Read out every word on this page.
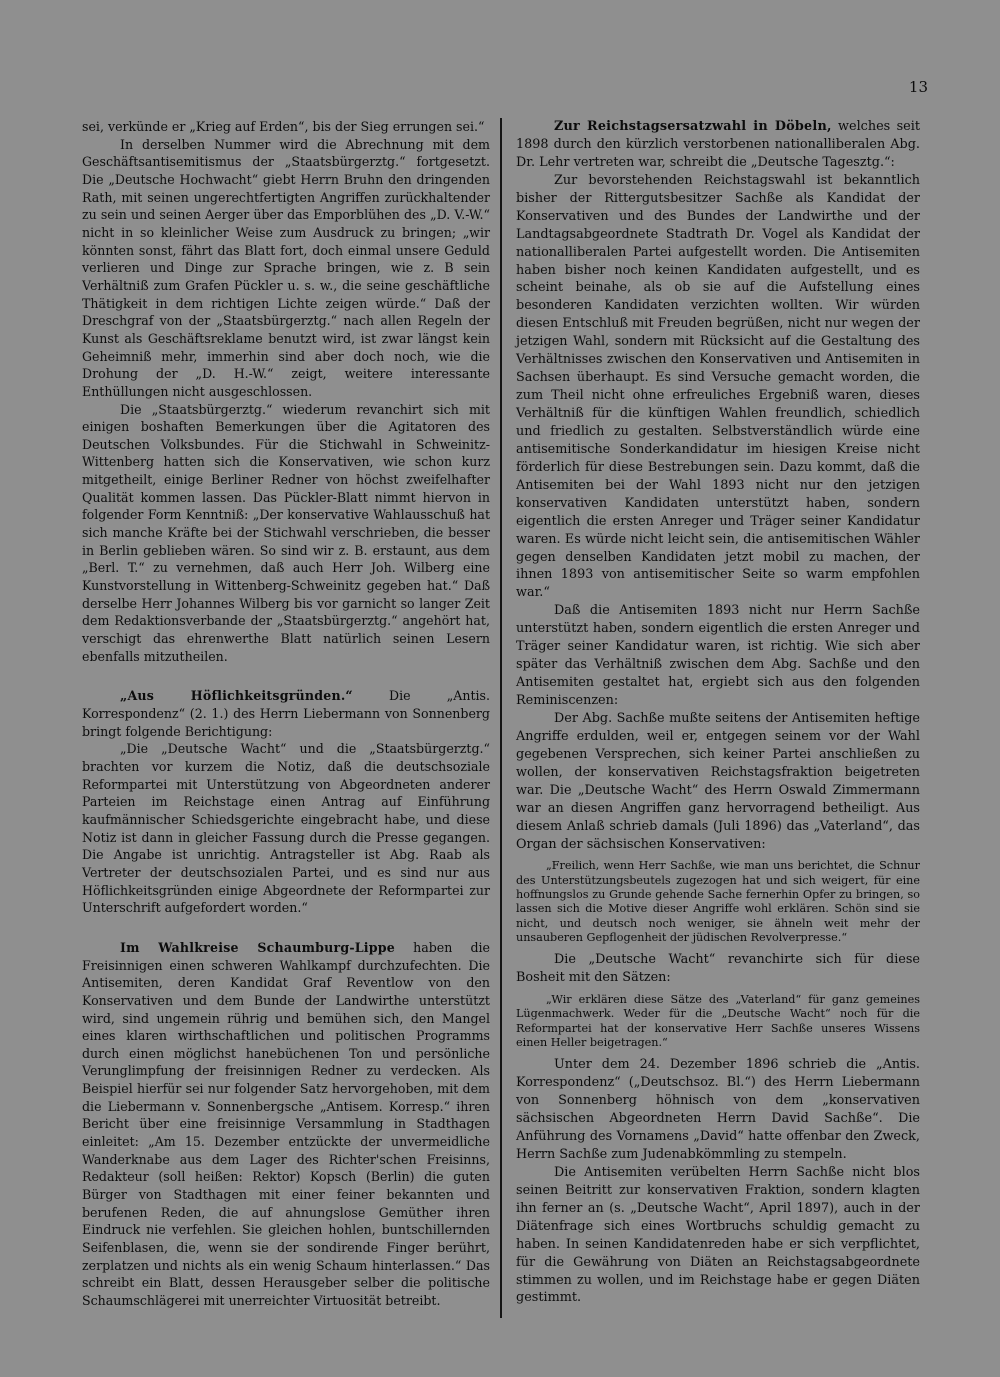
13

sei, verkünde er „Krieg auf Erden“, bis der Sieg errungen sei.“

In derselben Nummer wird die Abrechnung mit dem Geschäftsantisemitismus der „Staatsbürgerztg.“ fortgesetzt. Die „Deutsche Hochwacht“ giebt Herrn Bruhn den dringenden Rath, mit seinen ungerechtfertigten Angriffen zurückhaltender zu sein und seinen Aerger über das Emporblühen des „D. V.-W.“ nicht in so kleinlicher Weise zum Ausdruck zu bringen; „wir könnten sonst, fährt das Blatt fort, doch einmal unsere Geduld verlieren und Dinge zur Sprache bringen, wie z. B sein Verhältniß zum Grafen Pückler u. s. w., die seine geschäftliche Thätigkeit in dem richtigen Lichte zeigen würde.“ Daß der Dreschgraf von der „Staatsbürgerztg.“ nach allen Regeln der Kunst als Geschäftsreklame benutzt wird, ist zwar längst kein Geheimniß mehr, immerhin sind aber doch noch, wie die Drohung der „D. H.-W.“ zeigt, weitere interessante Enthüllungen nicht ausgeschlossen.

Die „Staatsbürgerztg.“ wiederum revanchirt sich mit einigen boshaften Bemerkungen über die Agitatoren des Deutschen Volksbundes. Für die Stichwahl in Schweinitz-Wittenberg hatten sich die Konservativen, wie schon kurz mitgetheilt, einige Berliner Redner von höchst zweifelhafter Qualität kommen lassen. Das Pückler-Blatt nimmt hiervon in folgender Form Kenntniß: „Der konservative Wahlausschuß hat sich manche Kräfte bei der Stichwahl verschrieben, die besser in Berlin geblieben wären. So sind wir z. B. erstaunt, aus dem „Berl. T.“ zu vernehmen, daß auch Herr Joh. Wilberg eine Kunstvorstellung in Wittenberg-Schweinitz gegeben hat.“ Daß derselbe Herr Johannes Wilberg bis vor garnicht so langer Zeit dem Redaktionsverbande der „Staatsbürgerztg.“ angehört hat, verschigt das ehrenwerthe Blatt natürlich seinen Lesern ebenfalls mitzutheilen.

„Aus Höflichkeitsgründen.“ Die „Antis. Korrespondenz“ (2. 1.) des Herrn Liebermann von Sonnenberg bringt folgende Berichtigung:

„Die „Deutsche Wacht“ und die „Staatsbürgerztg.“ brachten vor kurzem die Notiz, daß die deutschsoziale Reformpartei mit Unterstützung von Abgeordneten anderer Parteien im Reichstage einen Antrag auf Einführung kaufmännischer Schiedsgerichte eingebracht habe, und diese Notiz ist dann in gleicher Fassung durch die Presse gegangen. Die Angabe ist unrichtig. Antragsteller ist Abg. Raab als Vertreter der deutschsozialen Partei, und es sind nur aus Höflichkeitsgründen einige Abgeordnete der Reformpartei zur Unterschrift aufgefordert worden.“

Im Wahlkreise Schaumburg-Lippe haben die Freisinnigen einen schweren Wahlkampf durchzufechten. Die Antisemiten, deren Kandidat Graf Reventlow von den Konservativen und dem Bunde der Landwirthe unterstützt wird, sind ungemein rührig und bemühen sich, den Mangel eines klaren wirthschaftlichen und politischen Programms durch einen möglichst hanebüchenen Ton und persönliche Verunglimpfung der freisinnigen Redner zu verdecken. Als Beispiel hierfür sei nur folgender Satz hervorgehoben, mit dem die Liebermann v. Sonnenbergsche „Antisem. Korresp.“ ihren Bericht über eine freisinnige Versammlung in Stadthagen einleitet: „Am 15. Dezember entzückte der unvermeidliche Wanderknabe aus dem Lager des Richter'schen Freisinns, Redakteur (soll heißen: Rektor) Kopsch (Berlin) die guten Bürger von Stadthagen mit einer feiner bekannten und berufenen Reden, die auf ahnungslose Gemüther ihren Eindruck nie verfehlen. Sie gleichen hohlen, buntschillernden Seifenblasen, die, wenn sie der sondirende Finger berührt, zerplatzen und nichts als ein wenig Schaum hinterlassen.“ Das schreibt ein Blatt, dessen Herausgeber selber die politische Schaumschlägerei mit unerreichter Virtuosität betreibt.

Zur Reichstagsersatzwahl in Döbeln, welches seit 1898 durch den kürzlich verstorbenen nationalliberalen Abg. Dr. Lehr vertreten war, schreibt die „Deutsche Tagesztg.“:

Zur bevorstehenden Reichstagswahl ist bekanntlich bisher der Rittergutsbesitzer Sachße als Kandidat der Konservativen und des Bundes der Landwirthe und der Landtagsabgeordnete Stadtrath Dr. Vogel als Kandidat der nationalliberalen Partei aufgestellt worden. Die Antisemiten haben bisher noch keinen Kandidaten aufgestellt, und es scheint beinahe, als ob sie auf die Aufstellung eines besonderen Kandidaten verzichten wollten. Wir würden diesen Entschluß mit Freuden begrüßen, nicht nur wegen der jetzigen Wahl, sondern mit Rücksicht auf die Gestaltung des Verhältnisses zwischen den Konservativen und Antisemiten in Sachsen überhaupt. Es sind Versuche gemacht worden, die zum Theil nicht ohne erfreuliches Ergebniß waren, dieses Verhältniß für die künftigen Wahlen freundlich, schiedlich und friedlich zu gestalten. Selbstverständlich würde eine antisemitische Sonderkandidatur im hiesigen Kreise nicht förderlich für diese Bestrebungen sein. Dazu kommt, daß die Antisemiten bei der Wahl 1893 nicht nur den jetzigen konservativen Kandidaten unterstützt haben, sondern eigentlich die ersten Anreger und Träger seiner Kandidatur waren. Es würde nicht leicht sein, die antisemitischen Wähler gegen denselben Kandidaten jetzt mobil zu machen, der ihnen 1893 von antisemitischer Seite so warm empfohlen war.“

Daß die Antisemiten 1893 nicht nur Herrn Sachße unterstützt haben, sondern eigentlich die ersten Anreger und Träger seiner Kandidatur waren, ist richtig. Wie sich aber später das Verhältniß zwischen dem Abg. Sachße und den Antisemiten gestaltet hat, ergiebt sich aus den folgenden Reminiscenzen:

Der Abg. Sachße mußte seitens der Antisemiten heftige Angriffe erdulden, weil er, entgegen seinem vor der Wahl gegebenen Versprechen, sich keiner Partei anschließen zu wollen, der konservativen Reichstagsfraktion beigetreten war. Die „Deutsche Wacht“ des Herrn Oswald Zimmermann war an diesen Angriffen ganz hervorragend betheiligt. Aus diesem Anlaß schrieb damals (Juli 1896) das „Vaterland“, das Organ der sächsischen Konservativen:

„Freilich, wenn Herr Sachße, wie man uns berichtet, die Schnur des Unterstützungsbeutels zugezogen hat und sich weigert, für eine hoffnungslos zu Grunde gehende Sache fernerhin Opfer zu bringen, so lassen sich die Motive dieser Angriffe wohl erklären. Schön sind sie nicht, und deutsch noch weniger, sie ähneln weit mehr der unsauberen Gepflogenheit der jüdischen Revolverpresse.“

Die „Deutsche Wacht“ revanchirte sich für diese Bosheit mit den Sätzen:

„Wir erklären diese Sätze des „Vaterland“ für ganz gemeines Lügenmachwerk. Weder für die „Deutsche Wacht“ noch für die Reformpartei hat der konservative Herr Sachße unseres Wissens einen Heller beigetragen.“

Unter dem 24. Dezember 1896 schrieb die „Antis. Korrespondenz“ („Deutschsoz. Bl.“) des Herrn Liebermann von Sonnenberg höhnisch von dem „konservativen sächsischen Abgeordneten Herrn David Sachße“. Die Anführung des Vornamens „David“ hatte offenbar den Zweck, Herrn Sachße zum Judenabkömmling zu stempeln.

Die Antisemiten verübelten Herrn Sachße nicht blos seinen Beitritt zur konservativen Fraktion, sondern klagten ihn ferner an (s. „Deutsche Wacht“, April 1897), auch in der Diätenfrage sich eines Wortbruchs schuldig gemacht zu haben. In seinen Kandidatenreden habe er sich verpflichtet, für die Gewährung von Diäten an Reichstagsabgeordnete stimmen zu wollen, und im Reichstage habe er gegen Diäten gestimmt.
